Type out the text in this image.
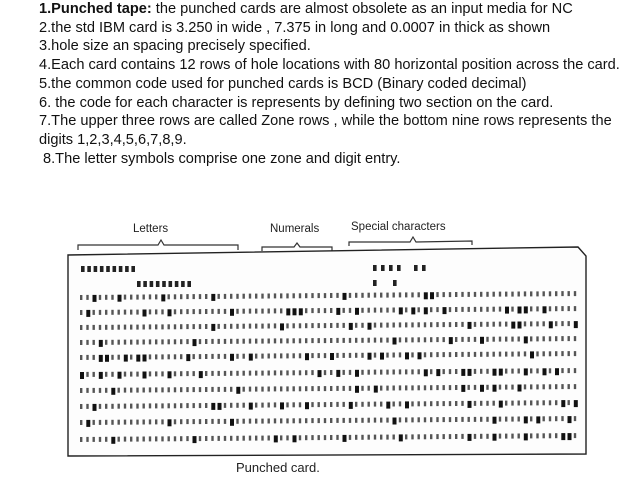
1.Punched tape: the punched cards are almost obsolete as an input media for NC

2.the std IBM card is 3.250 in wide , 7.375 in long and 0.0007 in thick as shown

3.hole size an spacing precisely specified.

4.Each card contains 12 rows of hole locations with 80 horizontal position across the card.

5.the common code used for punched cards is BCD (Binary coded decimal)

6. the code for each character is represents by defining two section on the card.

7.The upper three rows are called Zone rows , while the bottom nine rows represents the digits 1,2,3,4,5,6,7,8,9.

8.The letter symbols comprise one zone and digit entry.

Letters	Numerals	Special characters
Punched card.
